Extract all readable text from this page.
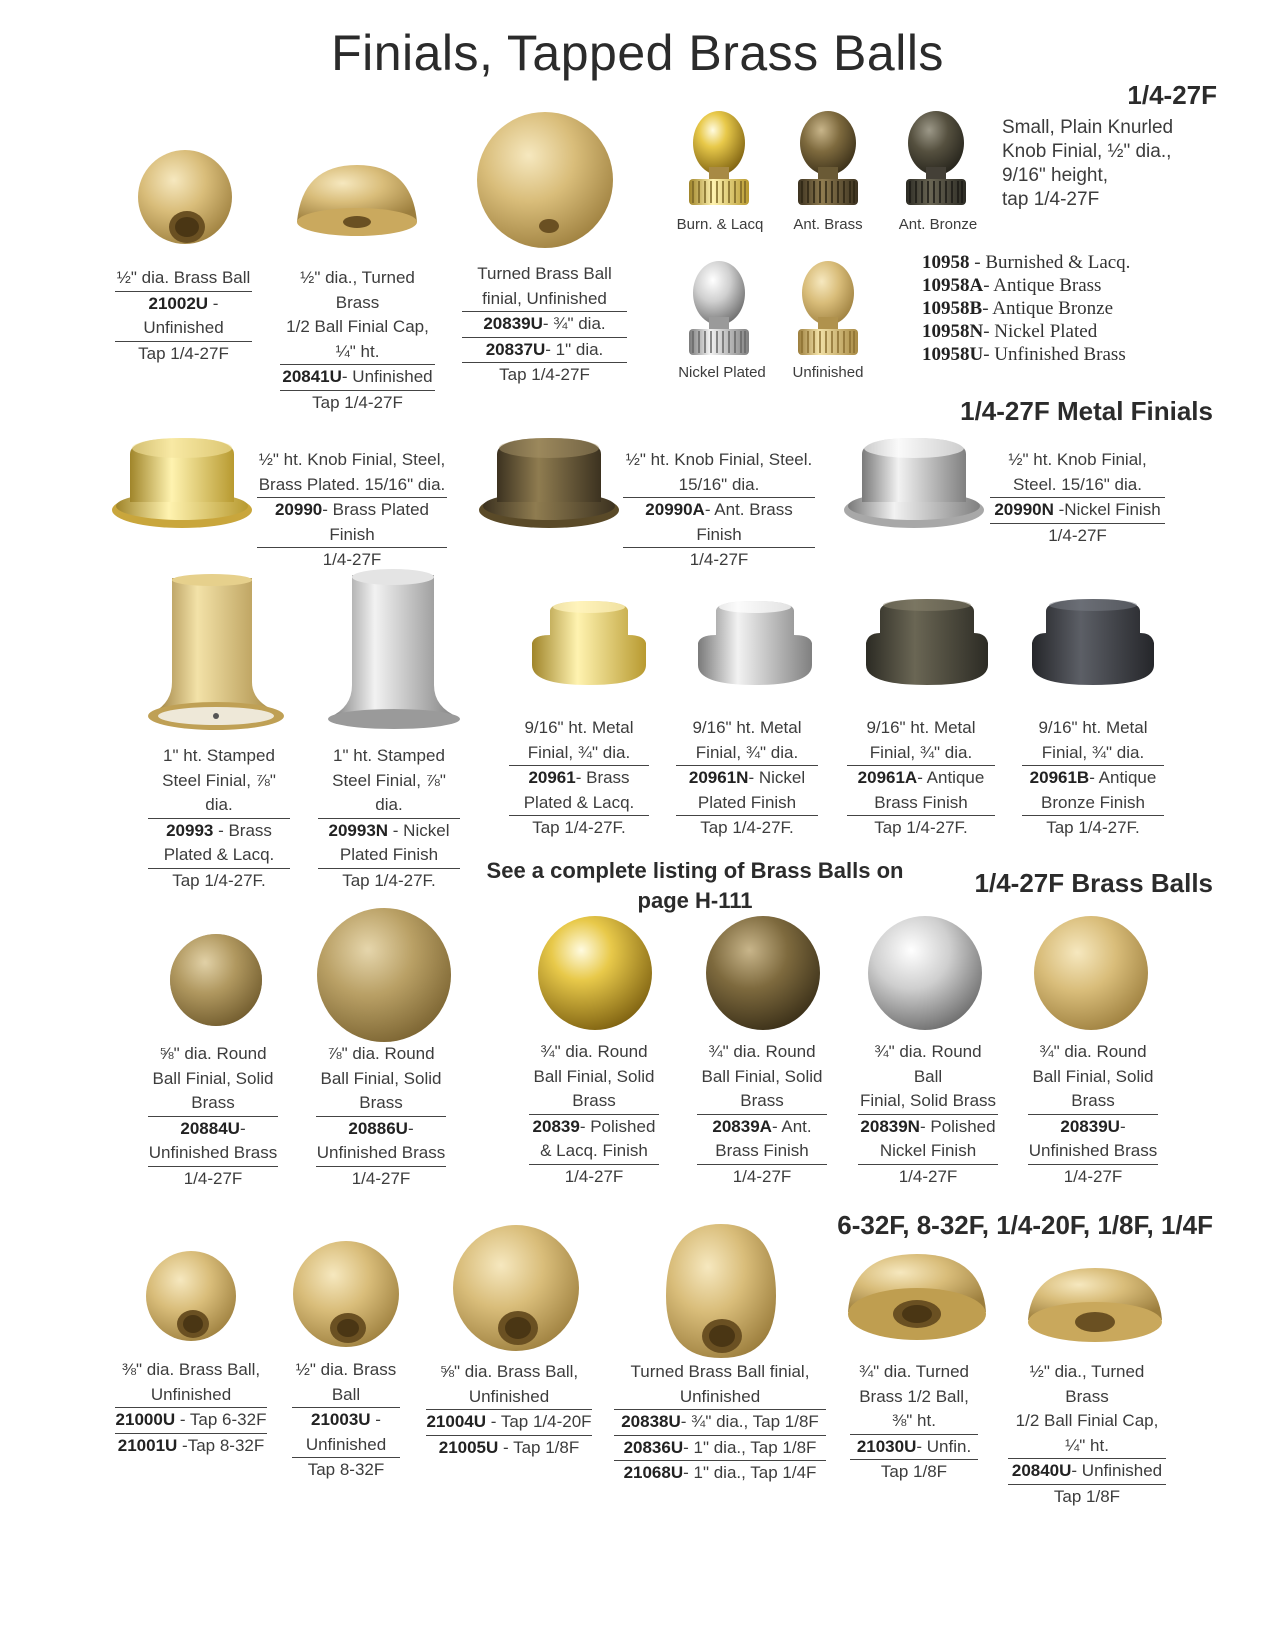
Finials, Tapped Brass Balls
1/4-27F
1/4-27F Metal Finials
1/4-27F Brass Balls
6-32F, 8-32F, 1/4-20F, 1/8F, 1/4F
Burn. & Lacq	Ant. Brass	Ant. Bronze
Nickel Plated	Unfinished
Small, Plain Knurled
Knob Finial, ½" dia.,
9/16" height,
tap 1/4-27F
10958 - Burnished & Lacq.
10958A- Antique Brass
10958B- Antique Bronze
10958N- Nickel Plated
10958U- Unfinished Brass
½" dia. Brass Ball
21002U -

Unfinished
Tap 1/4-27F
½" dia., Turned Brass
1/2 Ball Finial Cap,

¼" ht.
20841U- Unfinished
Tap 1/4-27F
Turned Brass Ball

finial, Unfinished
20839U- ¾" dia.
20837U- 1" dia.
Tap 1/4-27F
½" ht. Knob Finial, Steel,

Brass Plated. 15/16" dia.
20990- Brass Plated Finish
1/4-27F
½" ht. Knob Finial, Steel.

15/16" dia.
20990A- Ant. Brass Finish
1/4-27F
½" ht. Knob Finial,

Steel. 15/16" dia.
20990N -Nickel Finish
1/4-27F
1" ht. Stamped

Steel Finial, ⅞" dia.
20993 - Brass

Plated & Lacq.
Tap 1/4-27F.
1" ht. Stamped

Steel Finial, ⅞" dia.
20993N - Nickel

Plated Finish
Tap 1/4-27F.
9/16" ht. Metal

Finial, ¾" dia.
20961- Brass

Plated & Lacq.
Tap 1/4-27F.
9/16" ht. Metal

Finial, ¾" dia.
20961N- Nickel

Plated Finish
Tap 1/4-27F.
9/16" ht. Metal

Finial, ¾" dia.
20961A- Antique

Brass Finish
Tap 1/4-27F.
9/16" ht. Metal

Finial, ¾" dia.
20961B- Antique

Bronze Finish
Tap 1/4-27F.
See a complete listing of Brass Balls on
page H-111
⅝" dia. Round
Ball Finial, Solid

Brass
20884U-

Unfinished Brass
1/4-27F
⅞" dia. Round
Ball Finial, Solid

Brass
20886U-

Unfinished Brass
1/4-27F
¾" dia. Round
Ball Finial, Solid

Brass
20839- Polished

& Lacq. Finish
1/4-27F
¾" dia. Round
Ball Finial, Solid

Brass
20839A- Ant.

Brass Finish
1/4-27F
¾" dia. Round Ball

Finial, Solid Brass
20839N- Polished

Nickel Finish
1/4-27F
¾" dia. Round
Ball Finial, Solid

Brass
20839U-

Unfinished Brass
1/4-27F
⅜" dia. Brass Ball,

Unfinished
21000U - Tap 6-32F
21001U -Tap 8-32F
½" dia. Brass

Ball
21003U -

Unfinished
Tap 8-32F
⅝" dia. Brass Ball,

Unfinished
21004U - Tap 1/4-20F
21005U - Tap 1/8F
Turned Brass Ball finial,

Unfinished
20838U- ¾" dia., Tap 1/8F
20836U- 1" dia., Tap 1/8F
21068U- 1" dia., Tap 1/4F
¾" dia. Turned
Brass 1/2 Ball,

⅜" ht.
21030U- Unfin.
Tap 1/8F
½" dia., Turned Brass
1/2 Ball Finial Cap,

¼" ht.
20840U- Unfinished
Tap 1/8F
